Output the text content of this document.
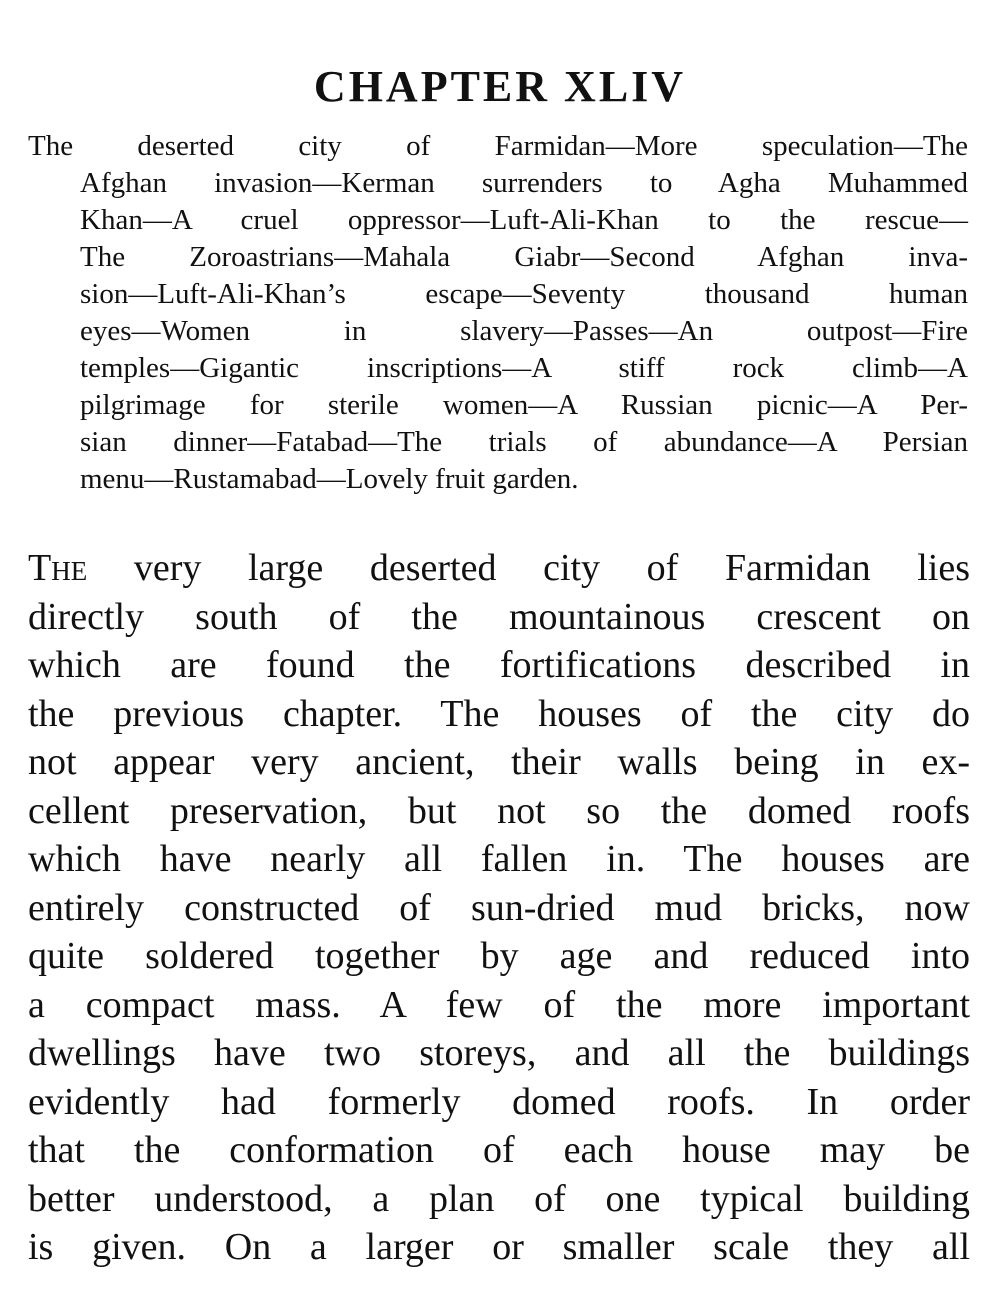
CHAPTER XLIV
The deserted city of Farmidan—More speculation—The
Afghan invasion—Kerman surrenders to Agha Muhammed
Khan—A cruel oppressor—Luft-Ali-Khan to the rescue—
The Zoroastrians—Mahala Giabr—Second Afghan inva-
sion—Luft-Ali-Khan’s escape—Seventy thousand human
eyes—Women in slavery—Passes—An outpost—Fire
temples—Gigantic inscriptions—A stiff rock climb—A
pilgrimage for sterile women—A Russian picnic—A Per-
sian dinner—Fatabad—The trials of abundance—A Persian
menu—Rustamabad—Lovely fruit garden.
The very large deserted city of Farmidan lies
directly south of the mountainous crescent on
which are found the fortifications described in
the previous chapter. The houses of the city do
not appear very ancient, their walls being in ex-
cellent preservation, but not so the domed roofs
which have nearly all fallen in. The houses are
entirely constructed of sun-dried mud bricks, now
quite soldered together by age and reduced into
a compact mass. A few of the more important
dwellings have two storeys, and all the buildings
evidently had formerly domed roofs. In order
that the conformation of each house may be
better understood, a plan of one typical building
is given. On a larger or smaller scale they all
